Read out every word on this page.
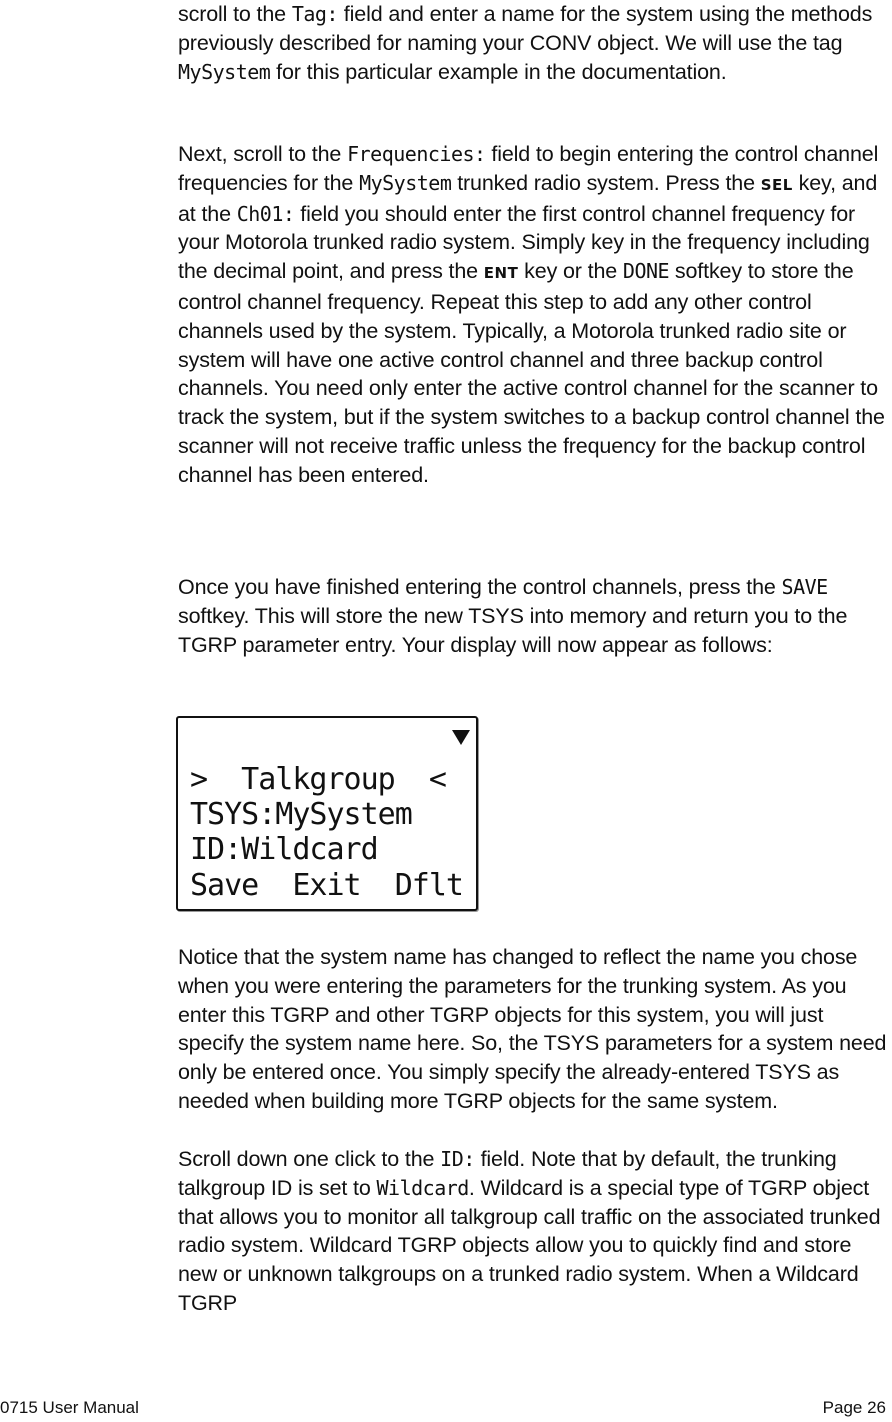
scroll to the Tag: field and enter a name for the system using the methods previously described for naming your CONV object. We will use the tag MySystem for this particular example in the documentation.

Next, scroll to the Frequencies: field to begin entering the control channel frequencies for the MySystem trunked radio system. Press the SEL key, and at the Ch01: field you should enter the first control channel frequency for your Motorola trunked radio system. Simply key in the frequency including the decimal point, and press the ENT key or the DONE softkey to store the control channel frequency. Repeat this step to add any other control channels used by the system. Typically, a Motorola trunked radio site or system will have one active control channel and three backup control channels. You need only enter the active control channel for the scanner to track the system, but if the system switches to a backup control channel the scanner will not receive traffic unless the frequency for the backup control channel has been entered.

Once you have finished entering the control channels, press the SAVE softkey. This will store the new TSYS into memory and return you to the TGRP parameter entry. Your display will now appear as follows:

Notice that the system name has changed to reflect the name you chose when you were entering the parameters for the trunking system. As you enter this TGRP and other TGRP objects for this system, you will just specify the system name here. So, the TSYS parameters for a system need only be entered once. You simply specify the already-entered TSYS as needed when building more TGRP objects for the same system.

Scroll down one click to the ID: field. Note that by default, the trunking talkgroup ID is set to Wildcard. Wildcard is a special type of TGRP object that allows you to monitor all talkgroup call traffic on the associated trunked radio system. Wildcard TGRP objects allow you to quickly find and store new or unknown talkgroups on a trunked radio system. When a Wildcard TGRP

>  Talkgroup  <
TSYS:MySystem
ID:Wildcard
Save  Exit  Dflt
0715 User Manual	Page 26
